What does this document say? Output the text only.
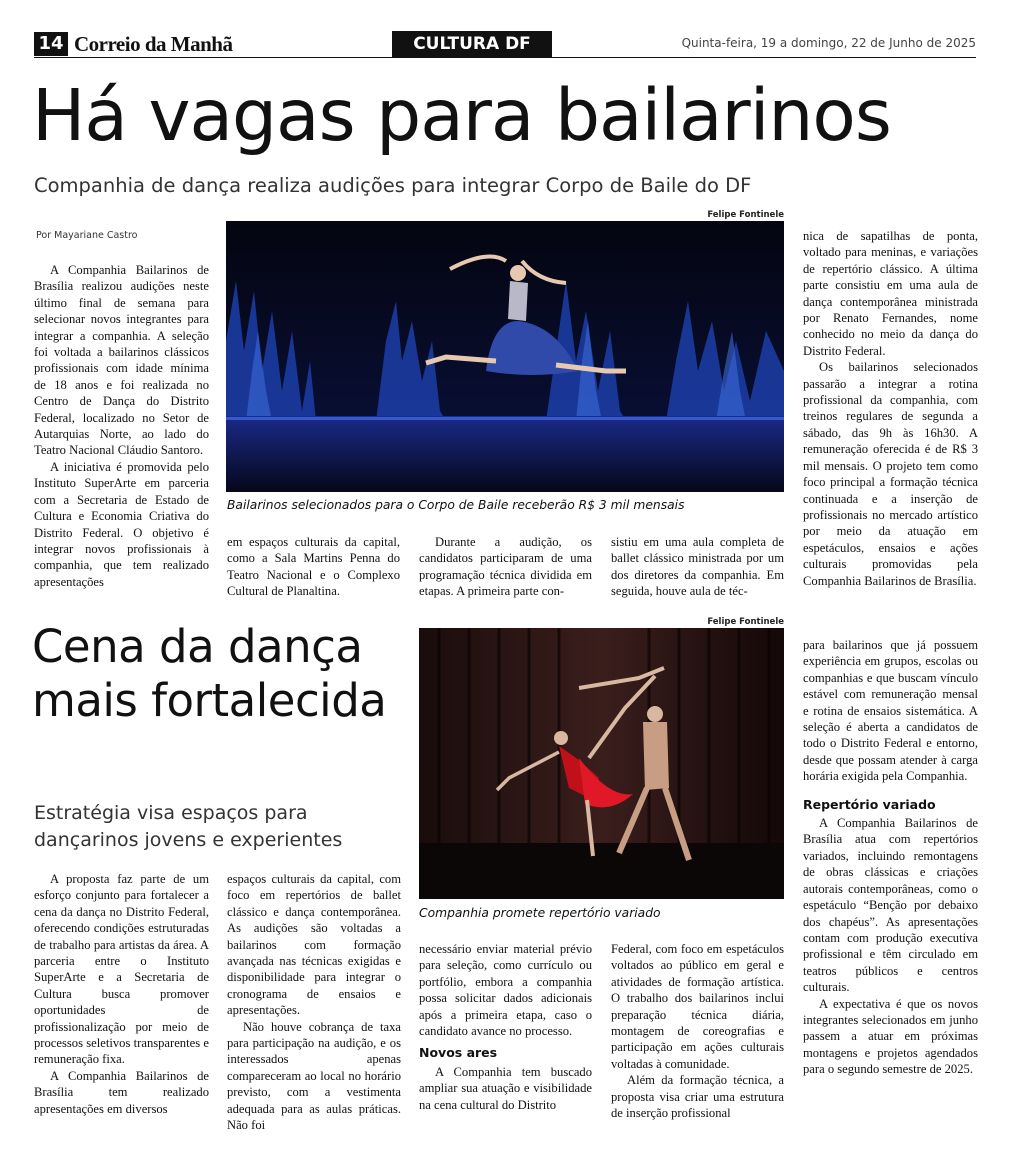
14 Correio da Manhã	CULTURA DF	Quinta-feira, 19 a domingo, 22 de Junho de 2025
Há vagas para bailarinos
Companhia de dança realiza audições para integrar Corpo de Baile do DF
Por Mayariane Castro

A Companhia Bailarinos de Brasília realizou audições neste último final de semana para selecionar novos integrantes para integrar a companhia. A seleção foi voltada a bailarinos clássicos profissionais com idade mínima de 18 anos e foi realizada no Centro de Dança do Distrito Federal, localizado no Setor de Autarquias Norte, ao lado do Teatro Nacional Cláudio Santoro.

A iniciativa é promovida pelo Instituto SuperArte em parceria com a Secretaria de Estado de Cultura e Economia Criativa do Distrito Federal. O objetivo é integrar novos profissionais à companhia, que tem realizado apresentações

Felipe Fontinele
Bailarinos selecionados para o Corpo de Baile receberão R$ 3 mil mensais

em espaços culturais da capital, como a Sala Martins Penna do Teatro Nacional e o Complexo Cultural de Planaltina.

Durante a audição, os candidatos participaram de uma programação técnica dividida em etapas. A primeira parte con-

sistiu em uma aula completa de ballet clássico ministrada por um dos diretores da companhia. Em seguida, houve aula de téc-

nica de sapatilhas de ponta, voltado para meninas, e variações de repertório clássico. A última parte consistiu em uma aula de dança contemporânea ministrada por Renato Fernandes, nome conhecido no meio da dança do Distrito Federal.

Os bailarinos selecionados passarão a integrar a rotina profissional da companhia, com treinos regulares de segunda a sábado, das 9h às 16h30. A remuneração oferecida é de R$ 3 mil mensais. O projeto tem como foco principal a formação técnica continuada e a inserção de profissionais no mercado artístico por meio da atuação em espetáculos, ensaios e ações culturais promovidas pela Companhia Bailarinos de Brasília.

Cena da dança mais fortalecida
Estratégia visa espaços para dançarinos jovens e experientes
Felipe Fontinele
Companhia promete repertório variado

A proposta faz parte de um esforço conjunto para fortalecer a cena da dança no Distrito Federal, oferecendo condições estruturadas de trabalho para artistas da área. A parceria entre o Instituto SuperArte e a Secretaria de Cultura busca promover oportunidades de profissionalização por meio de processos seletivos transparentes e remuneração fixa.

A Companhia Bailarinos de Brasília tem realizado apresentações em diversos

espaços culturais da capital, com foco em repertórios de ballet clássico e dança contemporânea. As audições são voltadas a bailarinos com formação avançada nas técnicas exigidas e disponibilidade para integrar o cronograma de ensaios e apresentações.

Não houve cobrança de taxa para participação na audição, e os interessados apenas compareceram ao local no horário previsto, com a vestimenta adequada para as aulas práticas. Não foi

necessário enviar material prévio para seleção, como currículo ou portfólio, embora a companhia possa solicitar dados adicionais após a primeira etapa, caso o candidato avance no processo.

Novos ares

A Companhia tem buscado ampliar sua atuação e visibilidade na cena cultural do Distrito

Federal, com foco em espetáculos voltados ao público em geral e atividades de formação artística. O trabalho dos bailarinos inclui preparação técnica diária, montagem de coreografias e participação em ações culturais voltadas à comunidade.

Além da formação técnica, a proposta visa criar uma estrutura de inserção profissional

para bailarinos que já possuem experiência em grupos, escolas ou companhias e que buscam vínculo estável com remuneração mensal e rotina de ensaios sistemática. A seleção é aberta a candidatos de todo o Distrito Federal e entorno, desde que possam atender à carga horária exigida pela Companhia.

Repertório variado

A Companhia Bailarinos de Brasília atua com repertórios variados, incluindo remontagens de obras clássicas e criações autorais contemporâneas, como o espetáculo “Benção por debaixo dos chapéus”. As apresentações contam com produção executiva profissional e têm circulado em teatros públicos e centros culturais.

A expectativa é que os novos integrantes selecionados em junho passem a atuar em próximas montagens e projetos agendados para o segundo semestre de 2025.
